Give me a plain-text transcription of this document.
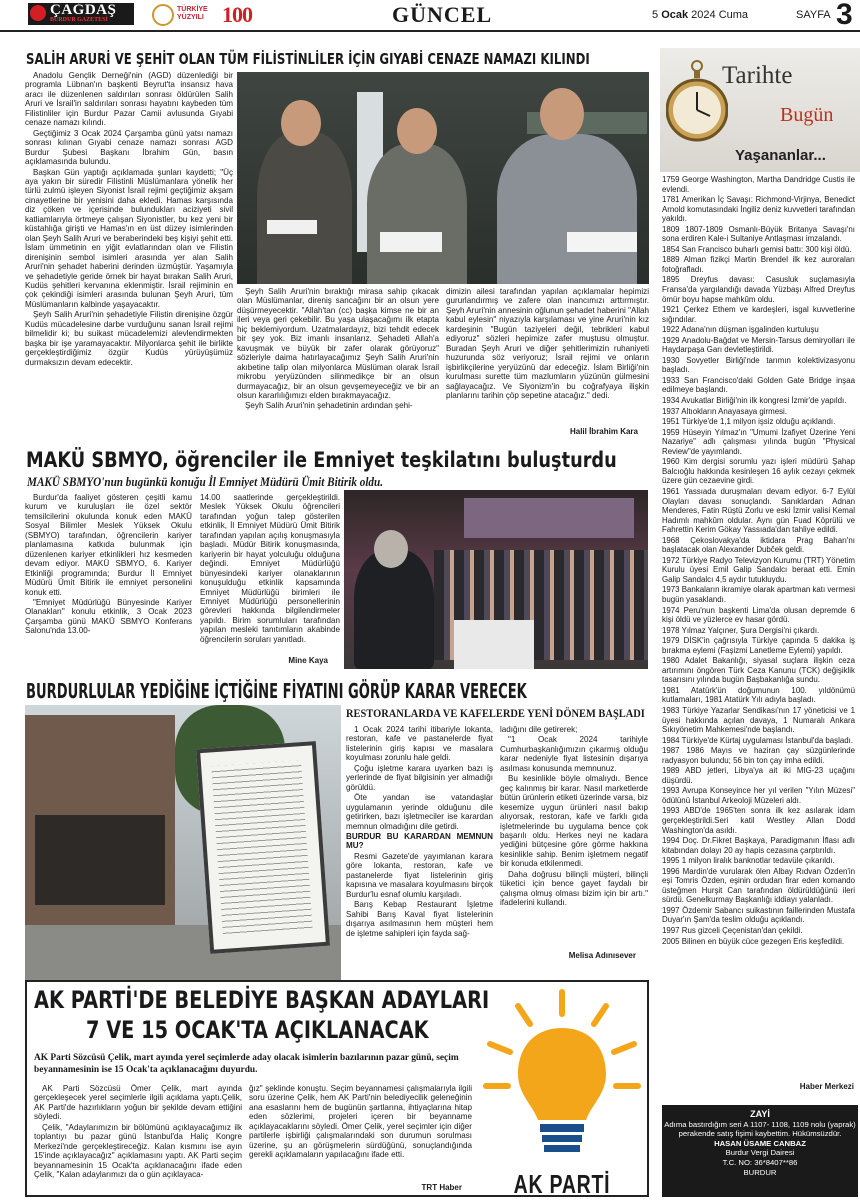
ÇAĞDAŞ
BURDUR GAZETESİ
TÜRKİYE YÜZYILI 100	GÜNCEL	5 Ocak 2024 Cuma	SAYFA 3
SALİH ARURİ VE ŞEHİT OLAN TÜM FİLİSTİNLİLER İÇİN GIYABİ CENAZE NAMAZI KILINDI

Anadolu Gençlik Derneği'nin (AGD) düzenlediği bir programla Lübnan'ın başkenti Beyrut'ta insansız hava aracı ile düzenlenen saldırıları sonrası öldürülen Salih Aruri ve İsrail'in saldırıları sonrası hayatını kaybeden tüm Filistinliler için Burdur Pazar Camii avlusunda Gıyabi cenaze namazı kılındı.

Geçtiğimiz 3 Ocak 2024 Çarşamba günü yatsı namazı sonrası kılınan Gıyabi cenaze namazı sonrası AGD Burdur Şubesi Başkanı İbrahim Gün, basın açıklamasında bulundu.

Başkan Gün yaptığı açıklamada şunları kaydetti; "Üç aya yakın bir süredir Filistinli Müslümanlara yönelik her türlü zulmü işleyen Siyonist İsrail rejimi geçtiğimiz akşam cinayetlerine bir yenisini daha ekledi. Hamas karşısında diz çöken ve içerisinde bulundukları aciziyeti sivil katliamlarıyla örtmeye çalışan Siyonistler, bu kez yeni bir küstahlığa girişti ve Hamas'ın en üst düzey isimlerinden olan Şeyh Salih Aruri ve beraberindeki beş kişiyi şehit etti. İslam ümmetinin en yiğit evlatlarından olan ve Filistin direnişinin sembol isimleri arasında yer alan Salih Aruri'nin şehadet haberini derinden üzmüştür. Yaşamıyla ve şehadetiyle geride örnek bir hayat bırakan Salih Aruri, Kudüs şehitleri kervanına eklenmiştir. İsrail rejiminin en çok çekindiği isimleri arasında bulunan Şeyh Aruri, tüm Müslümanların kalbinde yaşayacaktır.

Şeyh Salih Aruri'nin şehadetiyle Filistin direnişine özgür Kudüs mücadelesine darbe vurduğunu sanan İsrail rejimi bilmelidir ki; bu suikast mücadelemizi alevlendirmekten başka bir işe yaramayacaktır. Milyonlarca şehit ile birlikte gerçekleştirdiğimiz özgür Kudüs yürüyüşümüz durmaksızın devam edecektir.

Şeyh Salih Aruri'nin bıraktığı mirasa sahip çıkacak olan Müslümanlar, direniş sancağını bir an olsun yere düşürmeyecektir. "Allah'tan (cc) başka kimse ne bir an ileri veya geri çekebilir. Bu yaşa ulaşacağımı ilk etapta hiç beklemiyordum. Uzatmalardayız, bizi tehdit edecek bir şey yok. Biz imanlı insanlarız. Şehadeti Allah'a kavuşmak ve büyük bir zafer olarak görüyoruz" sözleriyle daima hatırlayacağımız Şeyh Salih Aruri'nin akıbetine talip olan milyonlarca Müslüman olarak İsrail mikrobu yeryüzünden silinmedikçe bir an olsun durmayacağız, bir an olsun gevşemeyeceğiz ve bir an olsun kararlılığımızı elden bırakmayacağız.

Şeyh Salih Aruri'nin şehadetinin ardından şehi-

dimizin ailesi tarafından yapılan açıklamalar hepimizi gururlandırmış ve zafere olan inancımızı arttırmıştır. Şeyh Aruri'nin annesinin oğlunun şehadet haberini "Allah kabul eylesin" niyazıyla karşılaması ve yine Aruri'nin kız kardeşinin "Bugün taziyeleri değil, tebrikleri kabul ediyoruz" sözleri hepimize zafer muştusu olmuştur. Buradan Şeyh Aruri ve diğer şehitlerimizin ruhaniyeti huzurunda söz veriyoruz; İsrail rejimi ve onların işbirlikçilerine yeryüzünü dar edeceğiz. İslam Birliği'nin kurulması surette tüm mazlumların yüzünün gülmesini sağlayacağız. Ve Siyonizm'in bu coğrafyaya ilişkin planlarını tarihin çöp sepetine atacağız." dedi.

Halil İbrahim Kara
MAKÜ SBMYO, öğrenciler ile Emniyet teşkilatını buluşturdu
MAKÜ SBMYO'nun bugünkü konuğu İl Emniyet Müdürü Ümit Bitirik oldu.

Burdur'da faaliyet gösteren çeşitli kamu kurum ve kuruluşları ile özel sektör temsilcilerini okulunda konuk eden MAKÜ Sosyal Bilimler Meslek Yüksek Okulu (SBMYO) tarafından, öğrencilerin kariyer planlamasına katkıda bulunmak için düzenlenen kariyer etkinlikleri hız kesmeden devam ediyor. MAKÜ SBMYO, 6. Kariyer Etkinliği programında; Burdur İl Emniyet Müdürü Ümit Bitirik ile emniyet personelini konuk etti.

"Emniyet Müdürlüğü Bünyesinde Kariyer Olanakları" konulu etkinlik, 3 Ocak 2023 Çarşamba günü MAKÜ SBMYO Konferans Salonu'nda 13.00-

14.00 saatlerinde gerçekleştirildi. Meslek Yüksek Okulu öğrencileri tarafından yoğun talep gösterilen etkinlik, İl Emniyet Müdürü Ümit Bitirik tarafından yapılan açılış konuşmasıyla başladı. Müdür Bitirik konuşmasında, kariyerin bir hayat yolculuğu olduğuna değindi. Emniyet Müdürlüğü bünyesindeki kariyer olanaklarının konuşulduğu etkinlik kapsamında Emniyet Müdürlüğü birimleri ile Emniyet Müdürlüğü personellerinin görevleri hakkında bilgilendirmeler yapıldı. Birim sorumluları tarafından yapılan mesleki tanıtımların akabinde öğrencilerin soruları yanıtladı.

Mine Kaya
BURDURLULAR YEDİĞİNE İÇTİĞİNE FİYATINI GÖRÜP KARAR VERECEK
RESTORANLARDA VE KAFELERDE YENİ DÖNEM BAŞLADI

1 Ocak 2024 tarihi itibariyle lokanta, restoran, kafe ve pastanelerde fiyat listelerinin giriş kapısı ve masalara koyulması zorunlu hale geldi.

Çoğu işletme karara uyarken bazı iş yerlerinde de fiyat bilgisinin yer almadığı görüldü.

Öte yandan ise vatandaşlar uygulamanın yerinde olduğunu dile getirirken, bazı işletmeciler ise karardan memnun olmadığını dile getirdi.

BURDUR BU KARARDAN MEMNUN MU?

Resmi Gazete'de yayımlanan karara göre lokanta, restoran, kafe ve pastanelerde fiyat listelerinin giriş kapısına ve masalara koyulmasını birçok Burdur'lu esnaf olumlu karşıladı.

Barış Kebap Restaurant İşletme Sahibi Barış Kaval fiyat listelerinin dışarıya asılmasının hem müşteri hem de işletme sahipleri için fayda sağ-

ladığını dile getirerek;

"1 Ocak 2024 tarihiyle Cumhurbaşkanlığımızın çıkarmış olduğu karar nedeniyle fiyat listesinin dışarıya asılması konusunda memnunuz.

Bu kesinlikle böyle olmalıydı. Bence geç kalınmış bir karar. Nasıl marketlerde bütün ürünlerin etiketi üzerinde varsa, biz kesemize uygun ürünleri nasıl bakıp alıyorsak, restoran, kafe ve farklı gıda işletmelerinde bu uygulama bence çok başarılı oldu. Herkes neyi ne kadara yediğini bütçesine göre görme hakkına kesinlikle sahip. Benim işletmem negatif bir konuda etkilenmedi.

Daha doğrusu bilinçli müşteri, bilinçli tüketici için bence gayet faydalı bir çalışma olmuş olması bizim için bir artı." ifadelerini kullandı.

Melisa Adınısever
AK PARTİ'DE BELEDİYE BAŞKAN ADAYLARI
7 VE 15 OCAK'TA AÇIKLANACAK
AK Parti Sözcüsü Çelik, mart ayında yerel seçimlerde aday olacak isimlerin bazılarının pazar günü, seçim beyannamesinin ise 15 Ocak'ta açıklanacağını duyurdu.

AK Parti Sözcüsü Ömer Çelik, mart ayında gerçekleşecek yerel seçimlerle ilgili açıklama yaptı.Çelik, AK Parti'de hazırlıkların yoğun bir şekilde devam ettiğini söyledi.

Çelik, "Adaylarımızın bir bölümünü açıklayacağımız ilk toplantıyı bu pazar günü İstanbul'da Haliç Kongre Merkezi'nde gerçekleştireceğiz. Kalan kısmını ise ayın 15'inde açıklayacağız" açıklamasını yaptı. AK Parti seçim beyannamesinin 15 Ocak'ta açıklanacağını ifade eden Çelik, "Kalan adaylarımızı da o gün açıklayaca-

ğız" şeklinde konuştu. Seçim beyannamesi çalışmalarıyla ilgili soru üzerine Çelik, hem AK Parti'nin belediyecilik geleneğinin ana esaslarını hem de bugünün şartlarına, ihtiyaçlarına hitap eden sözlerimi, projeleri içeren bir beyanname açıklayacaklarını söyledi. Ömer Çelik, yerel seçimler için diğer partilerle işbirliği çalışmalarındaki son durumun sorulması üzerine, şu an görüşmelerin sürdüğünü, sonuçlandığında gerekli açıklamaların yapılacağını ifade etti.

TRT Haber	AK PARTİ
Tarihte
Bugün
Yaşananlar...

1759 George Washington, Martha Dandridge Custis ile evlendi.

1781 Amerikan İç Savaşı: Richmond-Virjinya, Benedict Arnold komutasındaki İngiliz deniz kuvvetleri tarafından yakıldı.

1809 1807-1809 Osmanlı-Büyük Britanya Savaşı'nı sona erdiren Kale-i Sultaniye Antlaşması imzalandı.

1854 San Francisco buharlı gemisi battı: 300 kişi öldü.

1889 Alman fizikçi Martin Brendel ilk kez auroraları fotoğrafladı.

1895 Dreyfus davası: Casusluk suçlamasıyla Fransa'da yargılandığı davada Yüzbaşı Alfred Dreyfus ömür boyu hapse mahkûm oldu.

1921 Çerkez Ethem ve kardeşleri, isgal kuvvetlerine sığındılar.

1922 Adana'nın düşman işgalinden kurtuluşu

1929 Anadolu-Bağdat ve Mersin-Tarsus demiryolları ile Haydarpaşa Garı devletleştirildi.

1930 Sovyetler Birliği'nde tarımın kolektivizasyonu başladı.

1933 San Francisco'daki Golden Gate Bridge inşaa edilmeye başlandı.

1934 Avukatlar Birliği'nin ilk kongresi İzmir'de yapıldı.

1937 Altıokların Anayasaya girmesi.

1951 Türkiye'de 1,1 milyon işsiz olduğu açıklandı.

1959 Hüseyin Yılmaz'ın "Umumi İzafiyet Üzerine Yeni Nazariye" adlı çalışması yılında bugün "Physical Review"de yayımlandı.

1960 Kim dergisi sorumlu yazı işleri müdürü Şahap Balcıoğlu hakkında kesinleşen 16 aylık cezayı çekmek üzere gün cezaevine girdi.

1961 Yassıada duruşmaları devam ediyor. 6-7 Eylül Olayları davası sonuçlandı. Sanıklardan Adnan Menderes, Fatin Rüştü Zorlu ve eski İzmir valisi Kemal Hadımlı mahkûm oldular. Aynı gün Fuad Köprülü ve Fahrettin Kerim Gökay Yassıada'dan tahliye edildi.

1968 Çekoslovakya'da iktidara Prag Baharı'nı başlatacak olan Alexander Dubček geldi.

1972 Türkiye Radyo Televizyon Kurumu (TRT) Yönetim Kurulu üyesi Emil Galip Sandalcı beraat etti. Emin Galip Sandalcı 4,5 aydır tutukluydu.

1973 Bankaların ikramiye olarak apartman katı vermesi bugün yasaklandı.

1974 Peru'nun başkenti Lima'da olusan depremde 6 kişi öldü ve yüzlerce ev hasar gördü.

1978 Yılmaz Yalçıner, Şura Dergisi'ni çıkardı.

1979 DİSK'in çağrısıyla Türkiye çapında 5 dakika iş bırakma eylemi (Faşizmi Lanetleme Eylemi) yapıldı.

1980 Adalet Bakanlığı, siyasal suçlara ilişkin ceza artırımını öngören Türk Ceza Kanunu (TCK) değişiklik tasarısını yılında bugün Başbakanlığa sundu.

1981 Atatürk'ün doğumunun 100. yıldönümü kutlamaları, 1981 Atatürk Yılı adıyla başladı.

1983 Türkiye Yazarlar Sendikası'nın 17 yöneticisi ve 1 üyesi hakkında açılan davaya, 1 Numaralı Ankara Sıkıyönetim Mahkemesi'nde başlandı.

1984 Türkiye'de Kürtaj uygulaması İstanbul'da başladı.

1987 1986 Mayıs ve haziran çay süzgünlerinde radyasyon bulundu; 56 bin ton çay imha edildi.

1989 ABD jetleri, Libya'ya ait iki MIG-23 uçağını düşürdü.

1993 Avrupa Konseyince her yıl verilen "Yılın Müzesi" ödülünü İstanbul Arkeoloji Müzeleri aldı.

1993 ABD'de 1965'ten sonra ilk kez asılarak idam gerçekleştirildi.Seri katil Westley Allan Dodd Washington'da asıldı.

1994 Doç. Dr.Fikret Başkaya, Paradigmanın İflası adlı kitabından dolayı 20 ay hapis cezasına çarptırıldı.

1995 1 milyon liralık banknotlar tedavüle çıkarıldı.

1996 Mardin'de vurularak ölen Albay Rıdvan Özden'in eşi Tomris Özden, eşinin ordudan firar eden komando üsteğmen Hurşit Can tarafından öldürüldüğünü ileri sürdü. Genelkurmay Başkanlığı iddiayı yalanladı.

1997 Özdemir Sabancı suikastının faillerinden Mustafa Duyar'ın Şam'da teslim olduğu açıklandı.

1997 Rus gizceli Çeçenistan'dan çekildi.

2005 Bilinen en büyük cüce gezegen Eris keşfedildi.

Haber Merkezi
ZAYİ
Adıma bastırdığım seri A 1107- 1108, 1109 nolu (yaprak) perakende satış fişimi kaybettim. Hükümsüzdür.
HASAN ÜSAME CANBAZ
Burdur Vergi Dairesi
T.C. NO: 36*8407**86
BURDUR
